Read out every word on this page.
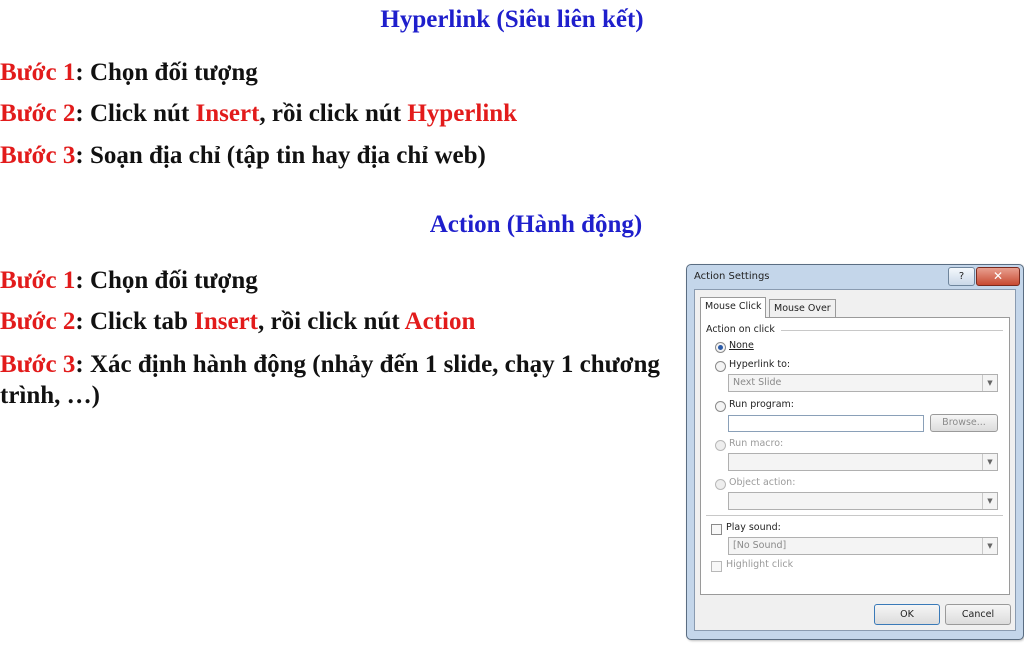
Hyperlink (Siêu liên kết)
Bước 1: Chọn đối tượng
Bước 2: Click nút Insert, rồi click nút Hyperlink
Bước 3: Soạn địa chỉ (tập tin hay địa chỉ web)
Action (Hành động)
Bước 1: Chọn đối tượng
Bước 2: Click tab Insert, rồi click nút Action
Bước 3: Xác định hành động (nhảy đến 1 slide, chạy 1 chương trình, …)
Action Settings	?	✕
Mouse Click	Mouse Over
Action on click
None
Hyperlink to:
Next Slide	▼
Run program:
Browse...
Run macro:
▼
Object action:
▼
Play sound:
[No Sound]	▼
Highlight click
OK	Cancel
